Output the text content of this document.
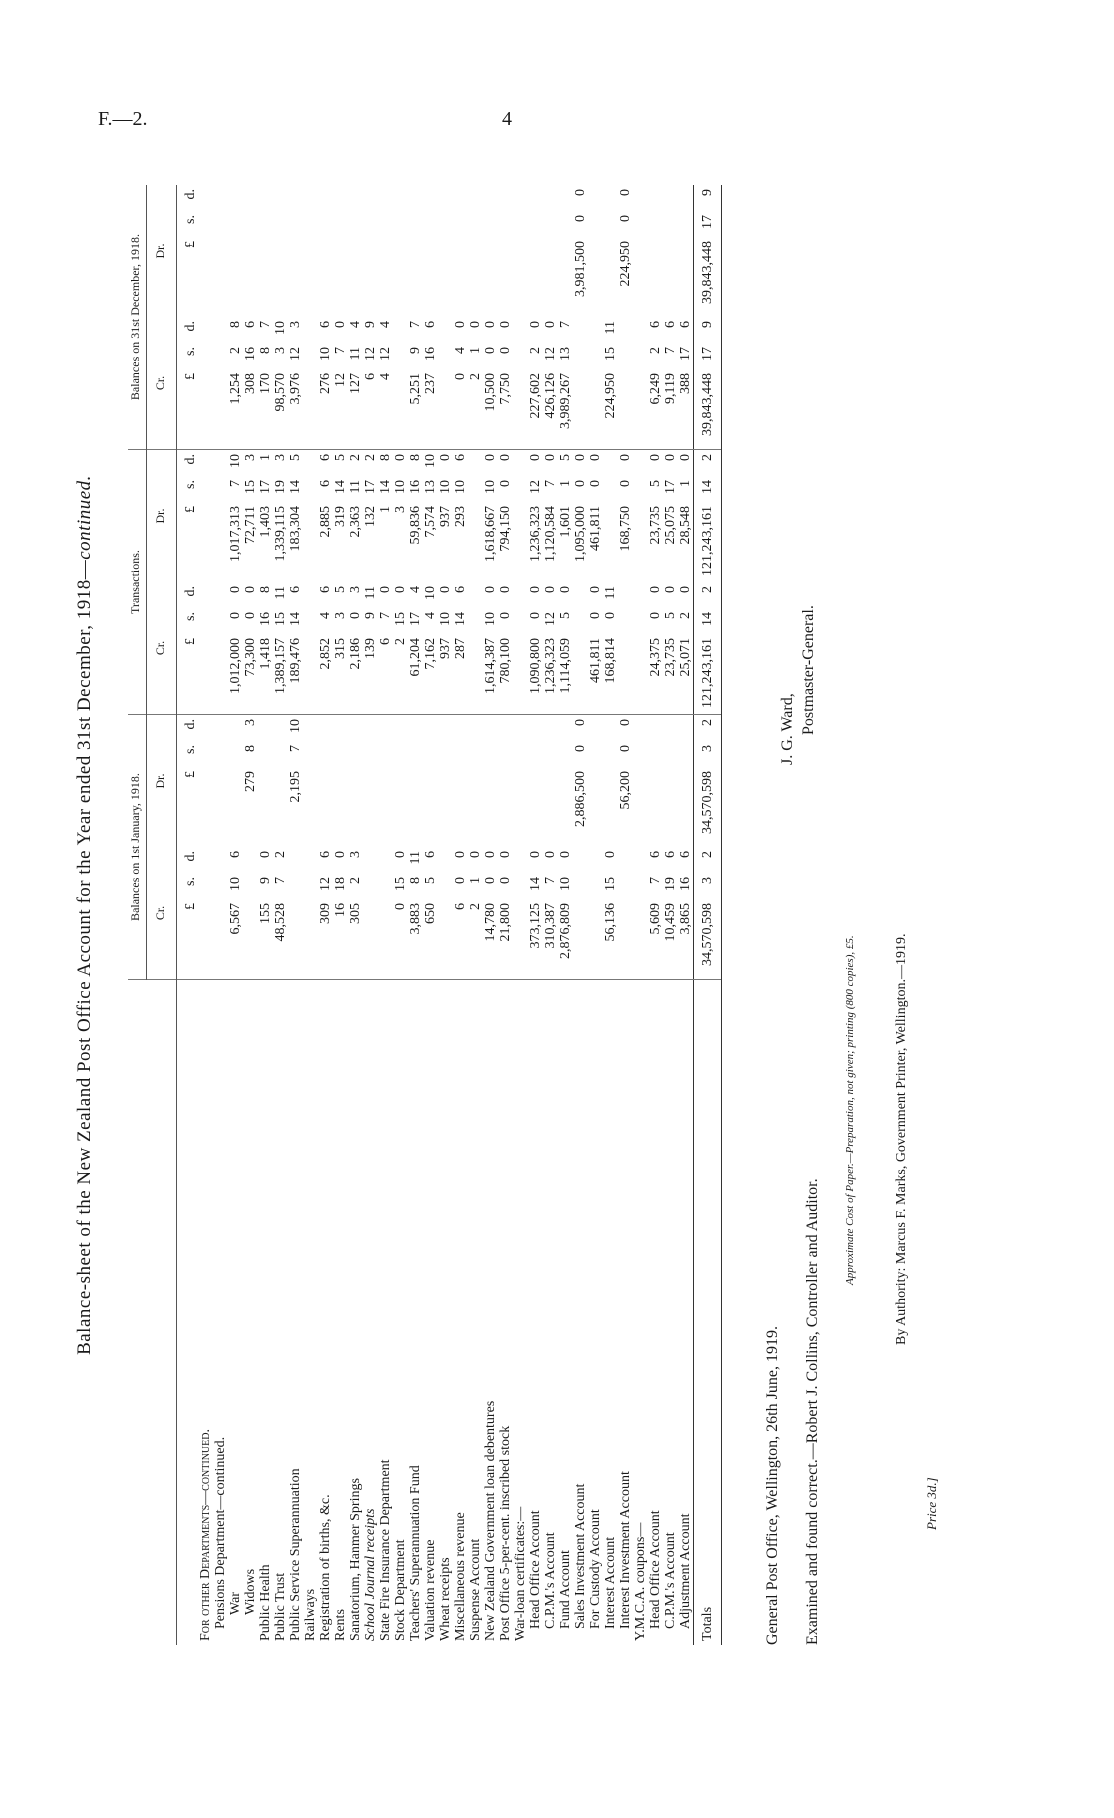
F.—2.	4
Balance-sheet of the New Zealand Post Office Account for the Year ended 31st December, 1918—continued.
	Balances on 1st January, 1918.						Transactions.						Balances on 31st December, 1918.					
	Cr.			Dr.			Cr.			Dr.			Cr.			Dr.		
	£	s.	d.	£	s.	d.	£	s.	d.	£	s.	d.	£	s.	d.	£	s.	d.
For other Departments—continued.																		
Pensions Department—continued.																		
War	6,567	10	6				1,012,000	0	0	1,017,313	7	10	1,254	2	8			
Widows				279	8	3	73,300	0	0	72,711	15	3	308	16	6			
Public Health	155	9	0				1,418	16	8	1,403	17	1	170	8	7			
Public Trust	48,528	7	2				1,389,157	15	11	1,339,115	19	3	98,570	3	10			
Public Service Superannuation				2,195	7	10	189,476	14	6	183,304	14	5	3,976	12	3			
Railways																		
Registration of births, &c.	309	12	6				2,852	4	6	2,885	6	6	276	10	6			
Rents	16	18	0				315	3	5	319	14	5	12	7	0			
Sanatorium, Hanmer Springs	305	2	3				2,186	0	3	2,363	11	2	127	11	4			
School Journal receipts							139	9	11	132	17	2	6	12	9			
State Fire Insurance Department							6	7	0	1	14	8	4	12	4			
Stock Department	0	15	0				2	15	0	3	10	0						
Teachers' Superannuation Fund	3,883	8	11				61,204	17	4	59,836	16	8	5,251	9	7			
Valuation revenue	650	5	6				7,162	4	10	7,574	13	10	237	16	6			
Wheat receipts							937	10	0	937	10	0						
Miscellaneous revenue	6	0	0				287	14	6	293	10	6	0	4	0			
Suspense Account	2	1	0										2	1	0			
New Zealand Government loan debentures	14,780	0	0				1,614,387	10	0	1,618,667	10	0	10,500	0	0			
Post Office 5-per-cent. inscribed stock	21,800	0	0				780,100	0	0	794,150	0	0	7,750	0	0			
War-loan certificates:—																		
Head Office Account	373,125	14	0				1,090,800	0	0	1,236,323	12	0	227,602	2	0			
C.P.M.'s Account	310,387	7	0				1,236,323	12	0	1,120,584	7	0	426,126	12	0			
Fund Account	2,876,809	10	0				1,114,059	5	0	1,601	1	5	3,989,267	13	7			
Sales Investment Account				2,886,500	0	0				1,095,000	0	0				3,981,500	0	0
For Custody Account							461,811	0	0	461,811	0	0						
Interest Account	56,136	15	0				168,814	0	11				224,950	15	11			
Interest Investment Account				56,200	0	0				168,750	0	0				224,950	0	0
Y.M.C.A. coupons—																		
Head Office Account	5,609	7	6				24,375	0	0	23,735	5	0	6,249	2	6			
C.P.M.'s Account	10,459	19	6				23,735	5	0	25,075	17	0	9,119	7	6			
Adjustment Account	3,865	16	6				25,071	2	0	28,548	1	0	388	17	6			
Totals	34,570,598	3	2	34,570,598	3	2	121,243,161	14	2	121,243,161	14	2	39,843,448	17	9	39,843,448	17	9
General Post Office, Wellington, 26th June, 1919. Examined and found correct.—Robert J. Collins, Controller and Auditor.
J. G. Ward, Postmaster-General.
Approximate Cost of Paper.—Preparation, not given; printing (800 copies), £5.	By Authority: Marcus F. Marks, Government Printer, Wellington.—1919.
Price 3d.]
